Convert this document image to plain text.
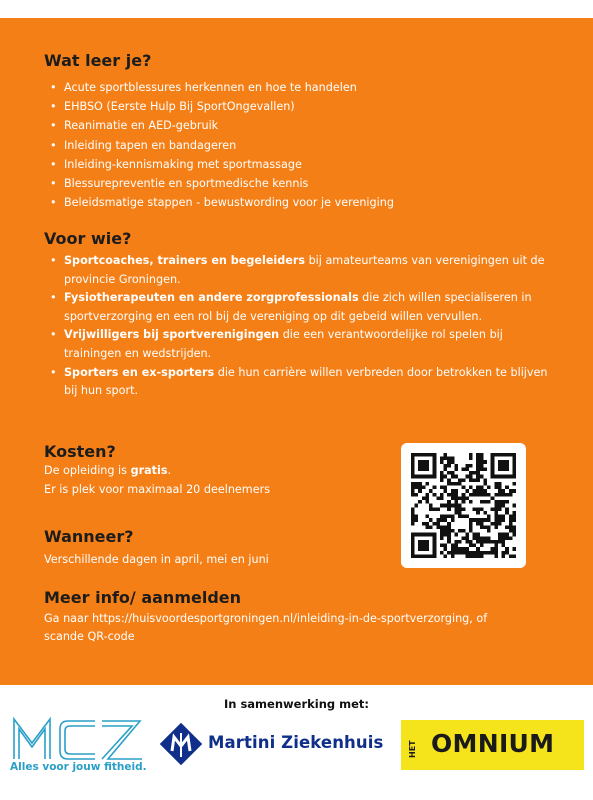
Wat leer je?
• Acute sportblessures herkennen en hoe te handelen
• EHBSO (Eerste Hulp Bij SportOngevallen)
• Reanimatie en AED-gebruik
• Inleiding tapen en bandageren
• Inleiding-kennismaking met sportmassage
• Blessurepreventie en sportmedische kennis
• Beleidsmatige stappen - bewustwording voor je vereniging
Voor wie?
• Sportcoaches, trainers en begeleiders bij amateurteams van verenigingen uit de provincie Groningen.
• Fysiotherapeuten en andere zorgprofessionals die zich willen specialiseren in sportverzorging en een rol bij de vereniging op dit gebeid willen vervullen.
• Vrijwilligers bij sportverenigingen die een verantwoordelijke rol spelen bij trainingen en wedstrijden.
• Sporters en ex-sporters die hun carrière willen verbreden door betrokken te blijven bij hun sport.
Kosten?
De opleiding is gratis.
Er is plek voor maximaal 20 deelnemers
Wanneer?
Verschillende dagen in april, mei en juni
Meer info/ aanmelden
Ga naar https://huisvoordesportgroningen.nl/inleiding-in-de-sportverzorging, of
scande QR-code
In samenwerking met:
Alles voor jouw fitheid.
Martini Ziekenhuis	HET OMNIUM
